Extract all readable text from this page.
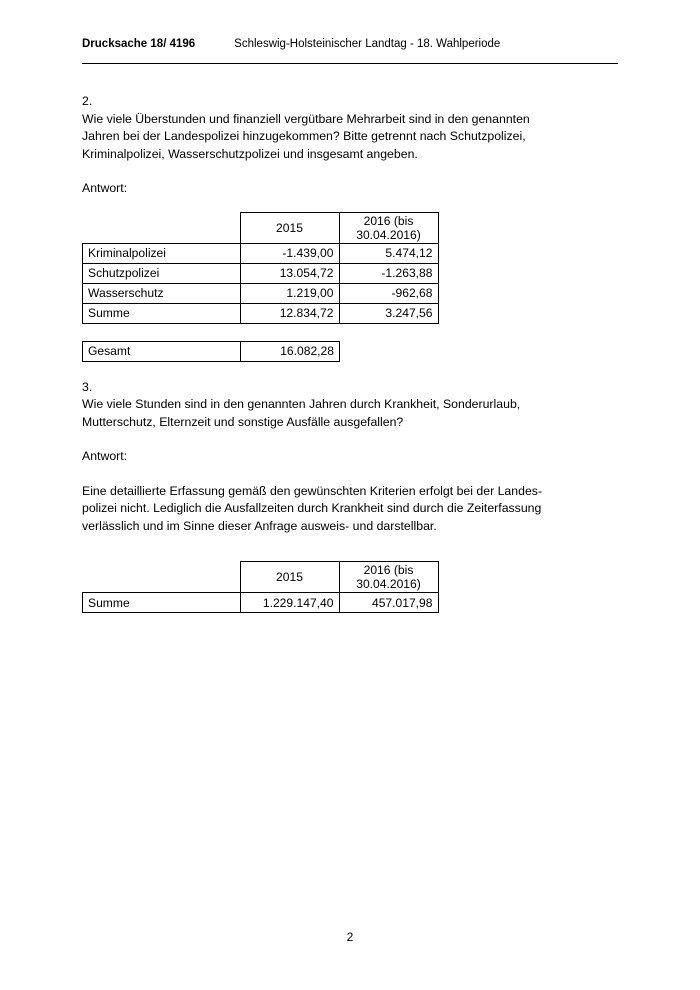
Drucksache 18/ 4196	Schleswig-Holsteinischer Landtag - 18. Wahlperiode
2.
Wie viele Überstunden und finanziell vergütbare Mehrarbeit sind in den genannten
Jahren bei der Landespolizei hinzugekommen? Bitte getrennt nach Schutzpolizei,
Kriminalpolizei, Wasserschutzpolizei und insgesamt angeben.
Antwort:
	2015	2016 (bis
30.04.2016)
Kriminalpolizei	-1.439,00	5.474,12
Schutzpolizei	13.054,72	-1.263,88
Wasserschutz	1.219,00	-962,68
Summe	12.834,72	3.247,56
Gesamt	16.082,28
3.
Wie viele Stunden sind in den genannten Jahren durch Krankheit, Sonderurlaub,
Mutterschutz, Elternzeit und sonstige Ausfälle ausgefallen?
Antwort:
Eine detaillierte Erfassung gemäß den gewünschten Kriterien erfolgt bei der Landes-
polizei nicht. Lediglich die Ausfallzeiten durch Krankheit sind durch die Zeiterfassung
verlässlich und im Sinne dieser Anfrage ausweis- und darstellbar.
	2015	2016 (bis
30.04.2016)
Summe	1.229.147,40	457.017,98
2
